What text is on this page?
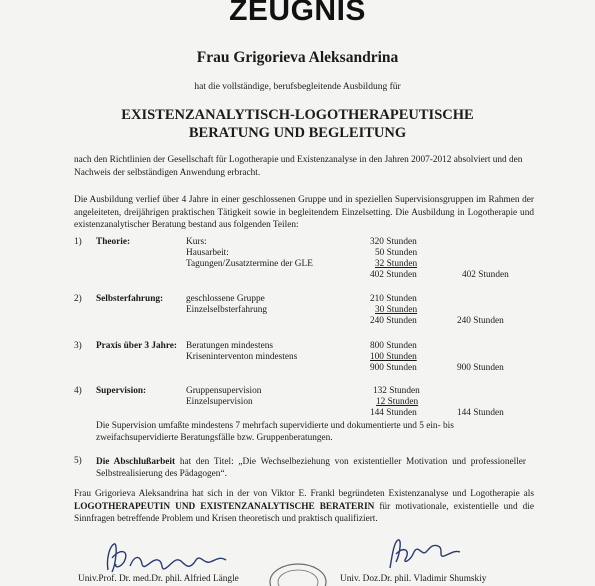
ZEUGNIS
Frau Grigorieva Aleksandrina
hat die vollständige, berufsbegleitende Ausbildung für
EXISTENZANALYTISCH-LOGOTHERAPEUTISCHE
BERATUNG UND BEGLEITUNG
nach den Richtlinien der Gesellschaft für Logotherapie und Existenzanalyse in den Jahren 2007-2012 absolviert und den Nachweis der selbständigen Anwendung erbracht.
Die Ausbildung verlief über 4 Jahre in einer geschlossenen Gruppe und in speziellen Supervisionsgruppen im Rahmen der angeleiteten, dreijährigen praktischen Tätigkeit sowie in begleitendem Einzelsetting. Die Ausbildung in Logotherapie und existenzanalytischer Beratung bestand aus folgenden Teilen:
1) Theorie:	Kurs:	320 Stunden
Hausarbeit:	50 Stunden
Tagungen/Zusatztermine der GLE	32 Stunden
402 Stunden	402 Stunden
2) Selbsterfahrung: geschlossene Gruppe	210 Stunden
Einzelselbsterfahrung	30 Stunden
240 Stunden	240 Stunden
3) Praxis über 3 Jahre: Beratungen mindestens	800 Stunden
Kriseninterventon mindestens	100 Stunden
900 Stunden	900 Stunden
4) Supervision:	Gruppensupervision	132 Stunden
Einzelsupervision	12 Stunden
144 Stunden	144 Stunden
Die Supervision umfaßte mindestens 7 mehrfach supervidierte und dokumentierte und 5 ein- bis zweifachsupervidierte Beratungsfälle bzw. Gruppenberatungen.
5) Die Abschlußarbeit hat den Titel: „Die Wechselbeziehung von existentieller Motivation und professioneller Selbstrealisierung des Pädagogen“.
Frau Grigorieva Aleksandrina hat sich in der von Viktor E. Frankl begründeten Existenzanalyse und Logotherapie als LOGOTHERAPEUTIN UND EXISTENZANALYTISCHE BERATERIN für motivationale, existentielle und die Sinnfragen betreffende Problem und Krisen theoretisch und praktisch qualifiziert.
Univ.Prof. Dr. med.Dr. phil. Alfried Längle	Univ. Doz.Dr. phil. Vladimir Shumskiy
